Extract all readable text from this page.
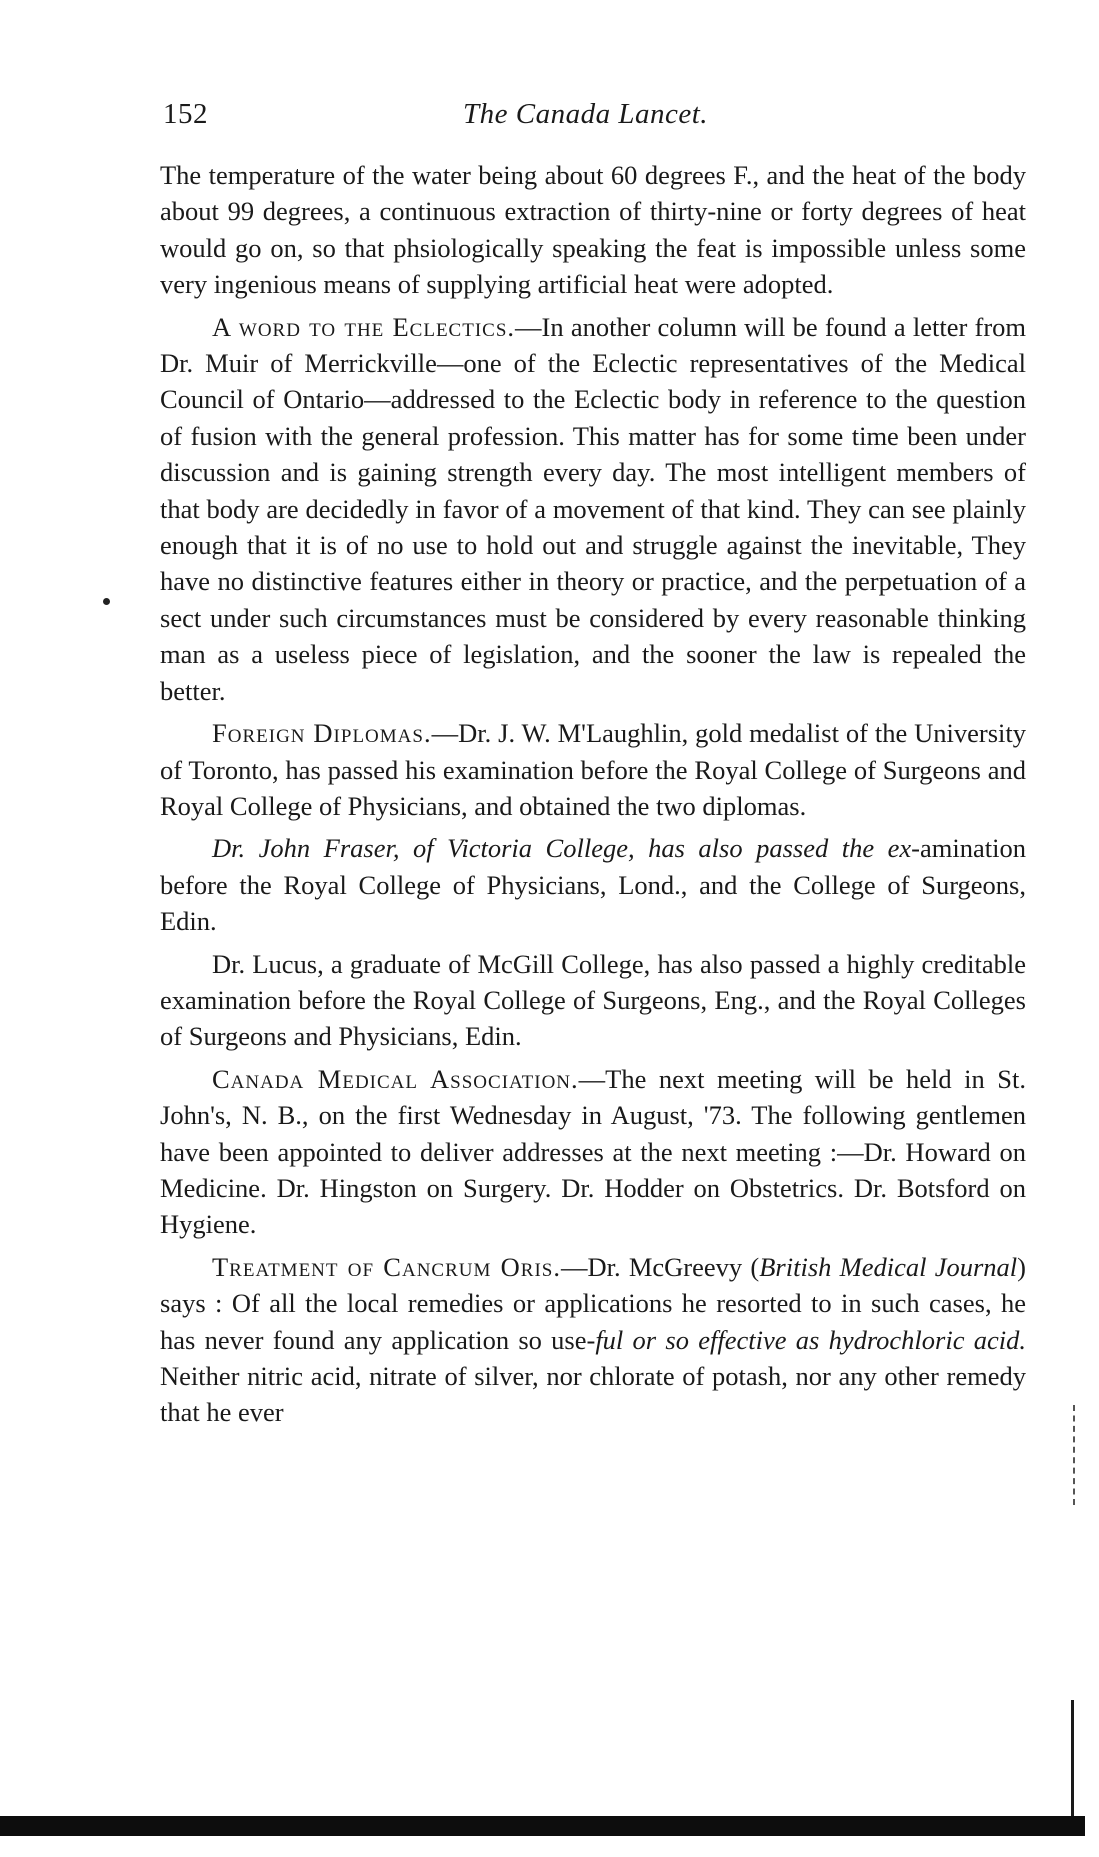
152	The Canada Lancet.

The temperature of the water being about 60 degrees F., and the heat of the body about 99 degrees, a continuous extraction of thirty-nine or forty degrees of heat would go on, so that phsiologically speaking the feat is impossible unless some very ingenious means of supplying artificial heat were adopted.

A word to the Eclectics.—In another column will be found a letter from Dr. Muir of Merrickville—one of the Eclectic representatives of the Medical Council of Ontario—addressed to the Eclectic body in reference to the question of fusion with the general profession. This matter has for some time been under discussion and is gaining strength every day. The most intelligent members of that body are decidedly in favor of a movement of that kind. They can see plainly enough that it is of no use to hold out and struggle against the inevitable, They have no distinctive features either in theory or practice, and the perpetuation of a sect under such circumstances must be considered by every reasonable thinking man as a useless piece of legislation, and the sooner the law is repealed the better.

Foreign Diplomas.—Dr. J. W. M'Laughlin, gold medalist of the University of Toronto, has passed his examination before the Royal College of Surgeons and Royal College of Physicians, and obtained the two diplomas.

Dr. John Fraser, of Victoria College, has also passed the ex-amination before the Royal College of Physicians, Lond., and the College of Surgeons, Edin.

Dr. Lucus, a graduate of McGill College, has also passed a highly creditable examination before the Royal College of Surgeons, Eng., and the Royal Colleges of Surgeons and Physicians, Edin.

Canada Medical Association.—The next meeting will be held in St. John's, N. B., on the first Wednesday in August, '73. The following gentlemen have been appointed to deliver addresses at the next meeting :—Dr. Howard on Medicine. Dr. Hingston on Surgery. Dr. Hodder on Obstetrics. Dr. Botsford on Hygiene.

Treatment of Cancrum Oris.—Dr. McGreevy (British Medical Journal) says : Of all the local remedies or applications he resorted to in such cases, he has never found any application so use-ful or so effective as hydrochloric acid. Neither nitric acid, nitrate of silver, nor chlorate of potash, nor any other remedy that he ever
